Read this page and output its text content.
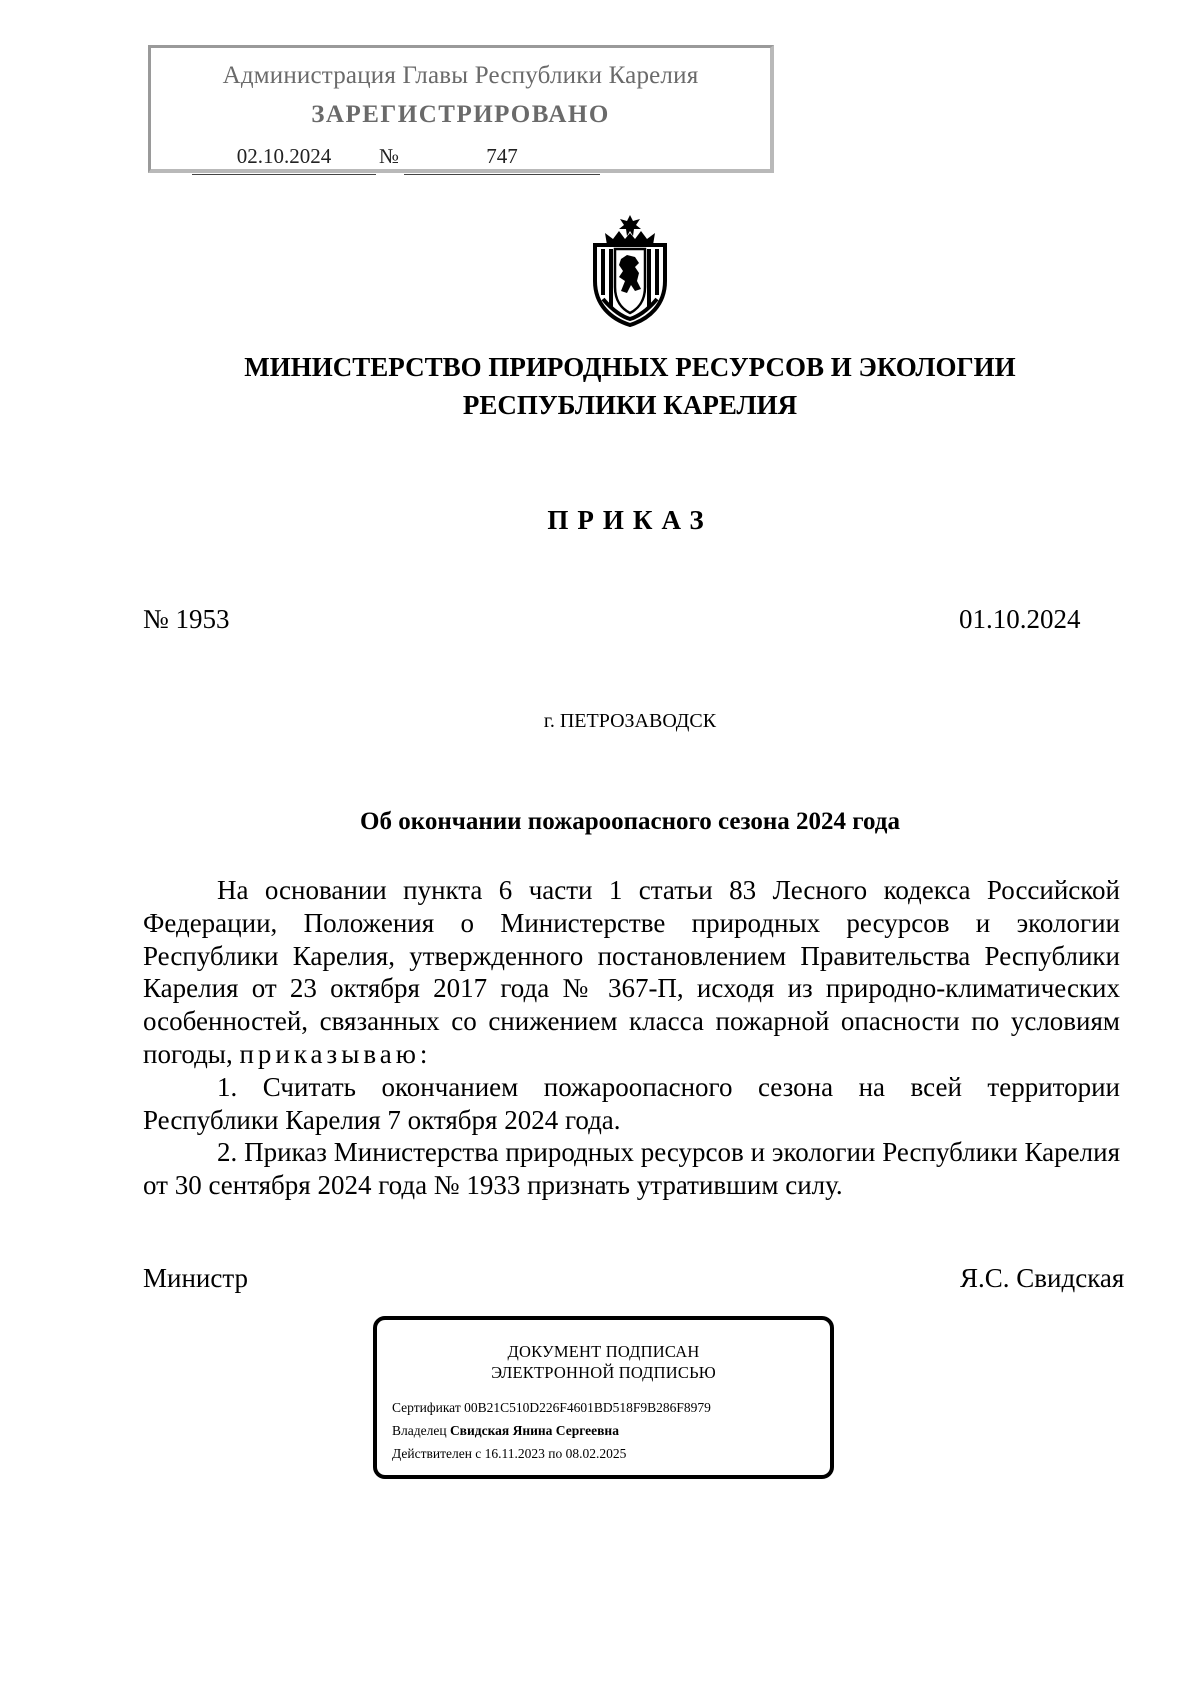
Администрация Главы Республики Карелия
ЗАРЕГИСТРИРОВАНО
02.10.2024	№	747
МИНИСТЕРСТВО ПРИРОДНЫХ РЕСУРСОВ И ЭКОЛОГИИ
РЕСПУБЛИКИ КАРЕЛИЯ
ПРИКАЗ
№ 1953	01.10.2024
г. ПЕТРОЗАВОДСК
Об окончании пожароопасного сезона 2024 года

На основании пункта 6 части 1 статьи 83 Лесного кодекса Российской Федерации, Положения о Министерстве природных ресурсов и экологии Республики Карелия, утвержденного постановлением Правительства Республики Карелия от 23 октября 2017 года № 367-П, исходя из природно-климатических особенностей, связанных со снижением класса пожарной опасности по условиям погоды, приказываю:

1. Считать окончанием пожароопасного сезона на всей территории Республики Карелия 7 октября 2024 года.

2. Приказ Министерства природных ресурсов и экологии Республики Карелия от 30 сентября 2024 года № 1933 признать утратившим силу.

Министр	Я.С. Свидская
ДОКУМЕНТ ПОДПИСАН
ЭЛЕКТРОННОЙ ПОДПИСЬЮ
Сертификат 00B21C510D226F4601BD518F9B286F8979
Владелец Свидская Янина Сергеевна
Действителен с 16.11.2023 по 08.02.2025
